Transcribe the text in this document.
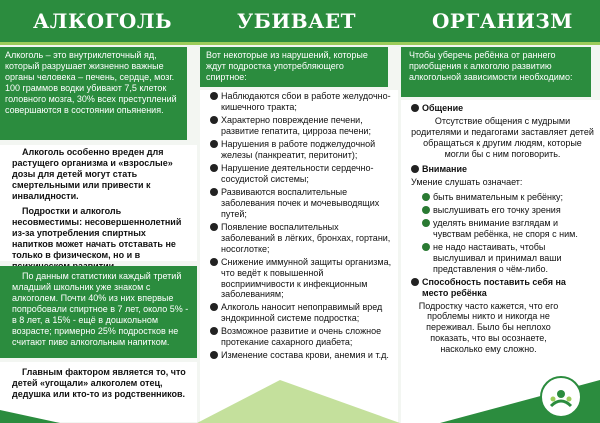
АЛКОГОЛЬ	УБИВАЕТ	ОРГАНИЗМ

Алкоголь – это внутриклеточный яд, который разрушает жизненно важные органы человека – печень, сердце, мозг. 100 граммов водки убивают 7,5 клеток головного мозга, 30% всех преступлений совершаются в состоянии опьянения.

Алкоголь особенно вреден для растущего организма и «взрослые» дозы для детей могут стать смертельными или привести к инвалидности.

Подростки и алкоголь несовместимы: несовершеннолетний из-за употребления спиртных напитков может начать отставать не только в физическом, но и в

По данным статистики каждый третий младший школьник уже знаком с алкоголем. Почти 40% из них впервые попробовали спиртное в 7 лет, около 5% - в 8 лет, а 15% - ещё в дошкольном возрасте; примерно 25% подростков не считают пиво алкогольным напитком.

Главным фактором является то, что детей «угощали» алкоголем отец, дедушка или кто-то из родственников.

Вот некоторые из нарушений, которые ждут подростка употребляющего спиртное:

Наблюдаются сбои в работе желудочно-кишечного тракта;

Характерно повреждение печени, развитие гепатита, цирроза печени;

Нарушения в работе поджелудочной железы (панкреатит, перитонит);

Нарушение деятельности сердечно-сосудистой системы;

Развиваются воспалительные заболевания почек и мочевыводящих путей;

Появление воспалительных заболеваний в лёгких, бронхах, гортани, носоглотке;

Снижение иммунной защиты организма, что ведёт к повышенной восприимчивости к инфекционным заболеваниям;

Алкоголь наносит непоправимый вред эндокринной системе подростка;

Возможное развитие и очень сложное протекание сахарного диабета;

Изменение состава крови, анемия и т.д.

Чтобы уберечь ребёнка от раннего приобщения к алкоголю развитию алкогольной зависимости необходимо:

Общение

Отсутствие общения с мудрыми родителями и педагогами заставляет детей обращаться к другим людям, которые могли бы с ним поговорить.

Внимание

Умение слушать означает:

быть внимательным к ребёнку;

выслушивать его точку зрения

уделять внимание взглядам и чувствам ребёнка, не споря с ним.

не надо настаивать, чтобы выслушивал и принимал ваши представления о чём-либо.

Способность поставить себя на место ребёнка

Подростку часто кажется, что его проблемы никто и никогда не переживал. Было бы неплохо показать, что вы осознаете, насколько ему сложно.
